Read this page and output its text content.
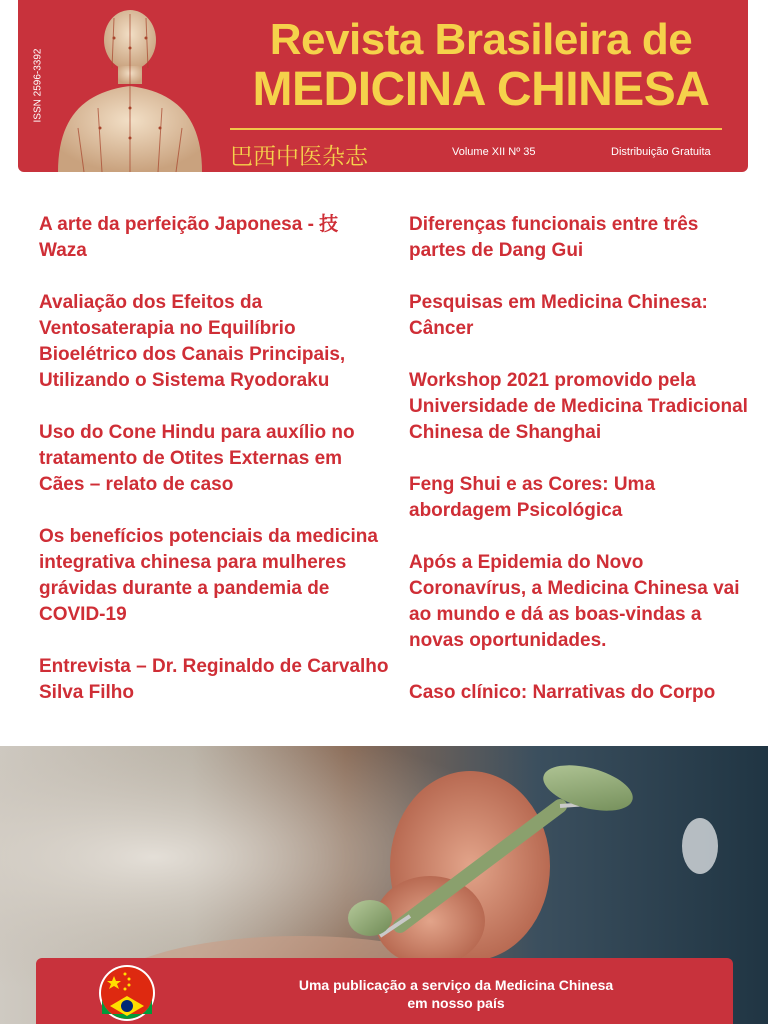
ISSN 2596-3392
Revista Brasileira de
MEDICINA CHINESA
巴西中医杂志	Volume XII Nº 35	Distribuição Gratuita
A arte da perfeição Japonesa - 技 Waza
Avaliação dos Efeitos da Ventosaterapia no Equilíbrio Bioelétrico dos Canais Principais, Utilizando o Sistema Ryodoraku
Uso do Cone Hindu para auxílio no tratamento de Otites Externas em Cães – relato de caso
Os benefícios potenciais da medicina integrativa chinesa para mulheres grávidas durante a pandemia de COVID-19
Entrevista – Dr. Reginaldo de Carvalho Silva Filho
Diferenças funcionais entre três partes de Dang Gui
Pesquisas em Medicina Chinesa: Câncer
Workshop 2021 promovido pela Universidade de Medicina Tradicional Chinesa de Shanghai
Feng Shui e as Cores: Uma abordagem Psicológica
Após a Epidemia do Novo Coronavírus, a Medicina Chinesa vai ao mundo e dá as boas-vindas a novas oportunidades.
Caso clínico: Narrativas do Corpo
Uma publicação a serviço da Medicina Chinesa
em nosso país
